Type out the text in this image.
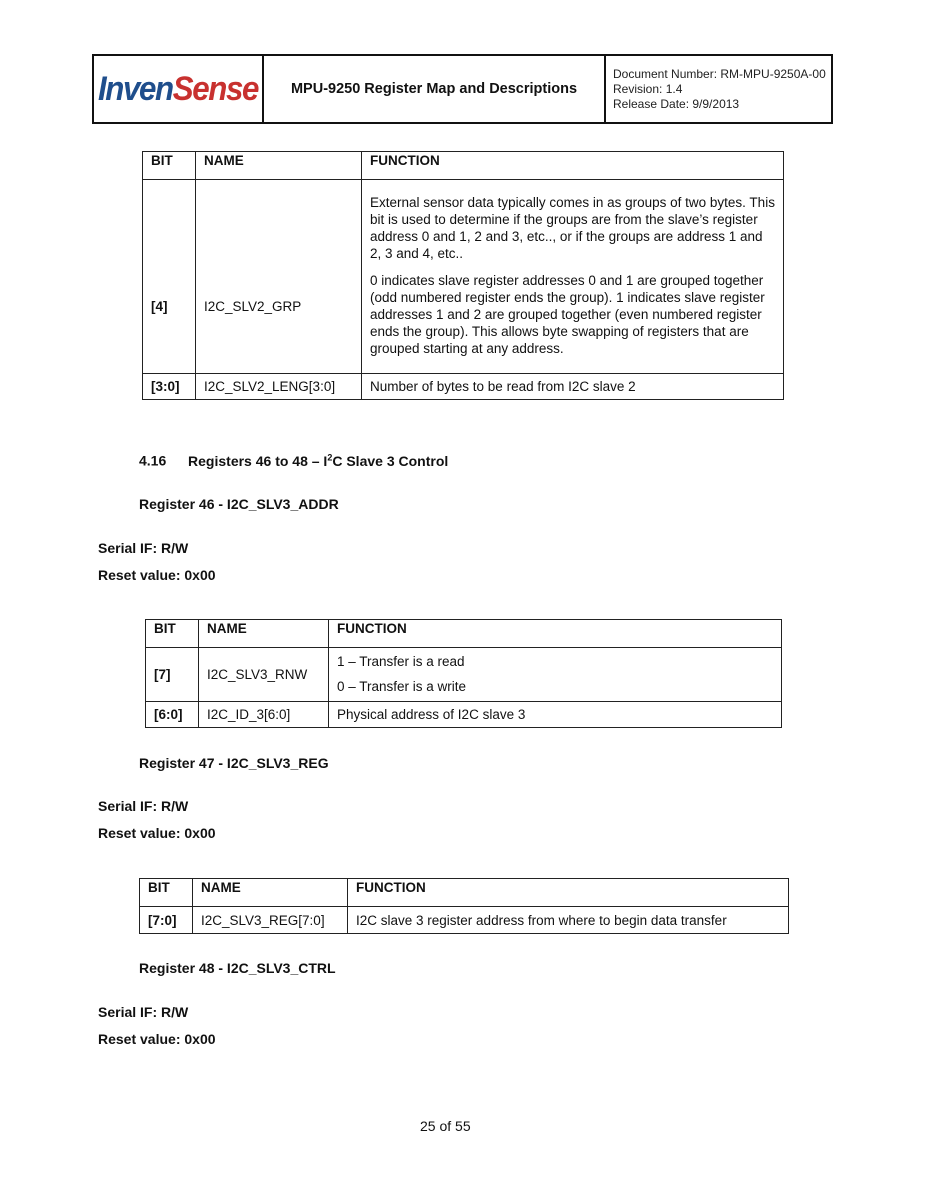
InvenSense	MPU-9250 Register Map and Descriptions
Document Number: RM-MPU-9250A-00
Revision: 1.4
Release Date: 9/9/2013
BIT	NAME	FUNCTION
[4]	I2C_SLV2_GRP	External sensor data typically comes in as groups of two bytes. This bit is used to determine if the groups are from the slave’s register address 0 and 1, 2 and 3, etc.., or if the groups are address 1 and 2, 3 and 4, etc..

0 indicates slave register addresses 0 and 1 are grouped together (odd numbered register ends the group). 1 indicates slave register addresses 1 and 2 are grouped together (even numbered register ends the group). This allows byte swapping of registers that are grouped starting at any address.

[3:0]	I2C_SLV2_LENG[3:0]	Number of bytes to be read from I2C slave 2
4.16 Registers 46 to $48 - I^2C$ Slave 3 Control
Register 46 - I2C_SLV3_ADDR
Serial IF: R/W
Reset value: 0x00
BIT	NAME	FUNCTION
[7]	I2C_SLV3_RNW	1 – Transfer is a read

0 – Transfer is a write

[6:0]	I2C_ID_3[6:0]	Physical address of I2C slave 3
Register 47 - I2C_SLV3_REG
Serial IF: R/W
Reset value: 0x00
BIT	NAME	FUNCTION
[7:0]	I2C_SLV3_REG[7:0]	I2C slave 3 register address from where to begin data transfer
Register 48 - I2C_SLV3_CTRL
Serial IF: R/W
Reset value: 0x00
25 of 55
